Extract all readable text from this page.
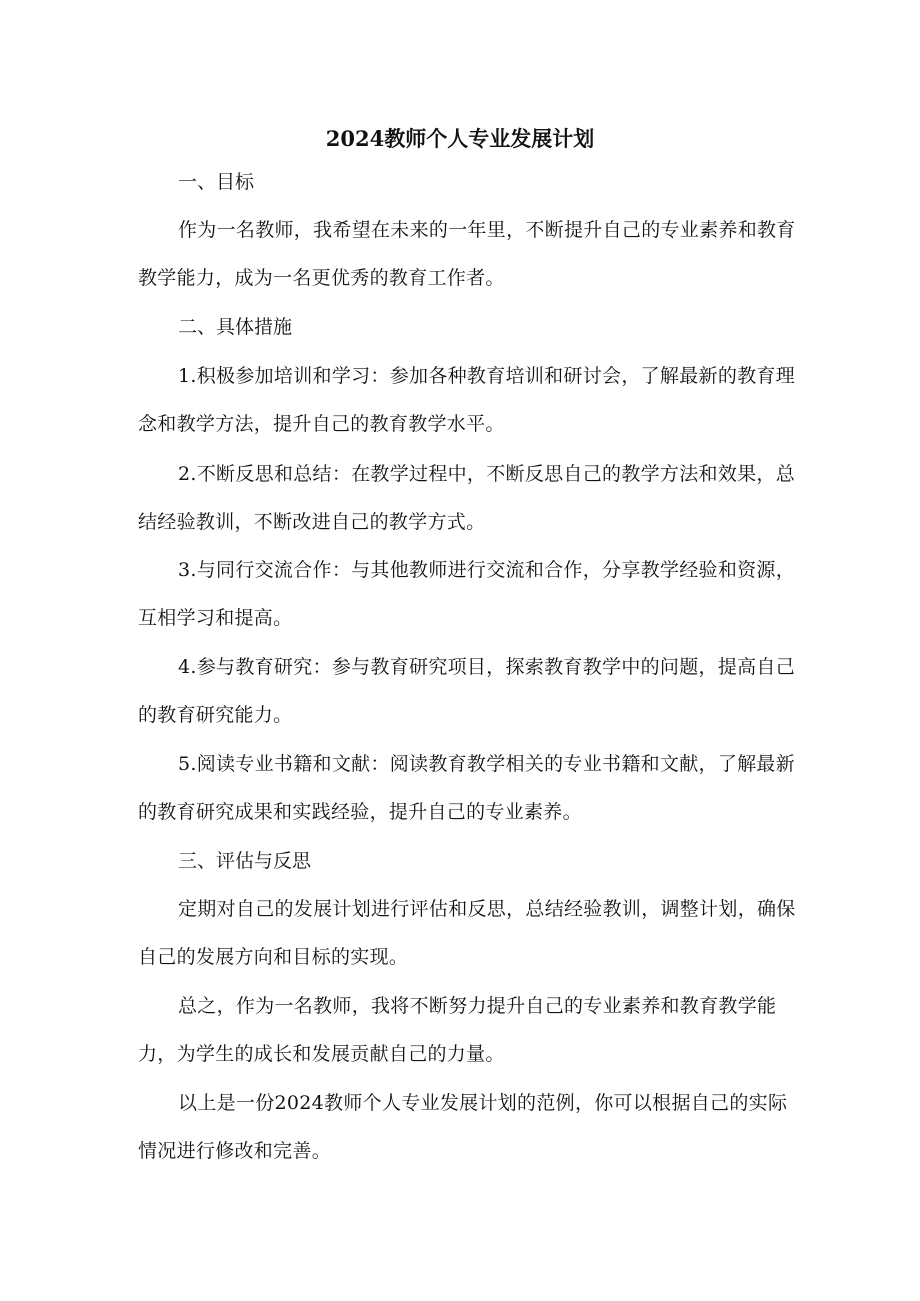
2024教师个人专业发展计划

一、目标

作为一名教师，我希望在未来的一年里，不断提升自己的专业素养和教育教学能力，成为一名更优秀的教育工作者。

二、具体措施

1.积极参加培训和学习：参加各种教育培训和研讨会，了解最新的教育理念和教学方法，提升自己的教育教学水平。

2.不断反思和总结：在教学过程中，不断反思自己的教学方法和效果，总结经验教训，不断改进自己的教学方式。

3.与同行交流合作：与其他教师进行交流和合作，分享教学经验和资源，互相学习和提高。

4.参与教育研究：参与教育研究项目，探索教育教学中的问题，提高自己的教育研究能力。

5.阅读专业书籍和文献：阅读教育教学相关的专业书籍和文献，了解最新的教育研究成果和实践经验，提升自己的专业素养。

三、评估与反思

定期对自己的发展计划进行评估和反思，总结经验教训，调整计划，确保自己的发展方向和目标的实现。

总之，作为一名教师，我将不断努力提升自己的专业素养和教育教学能力，为学生的成长和发展贡献自己的力量。

以上是一份2024教师个人专业发展计划的范例，你可以根据自己的实际情况进行修改和完善。
